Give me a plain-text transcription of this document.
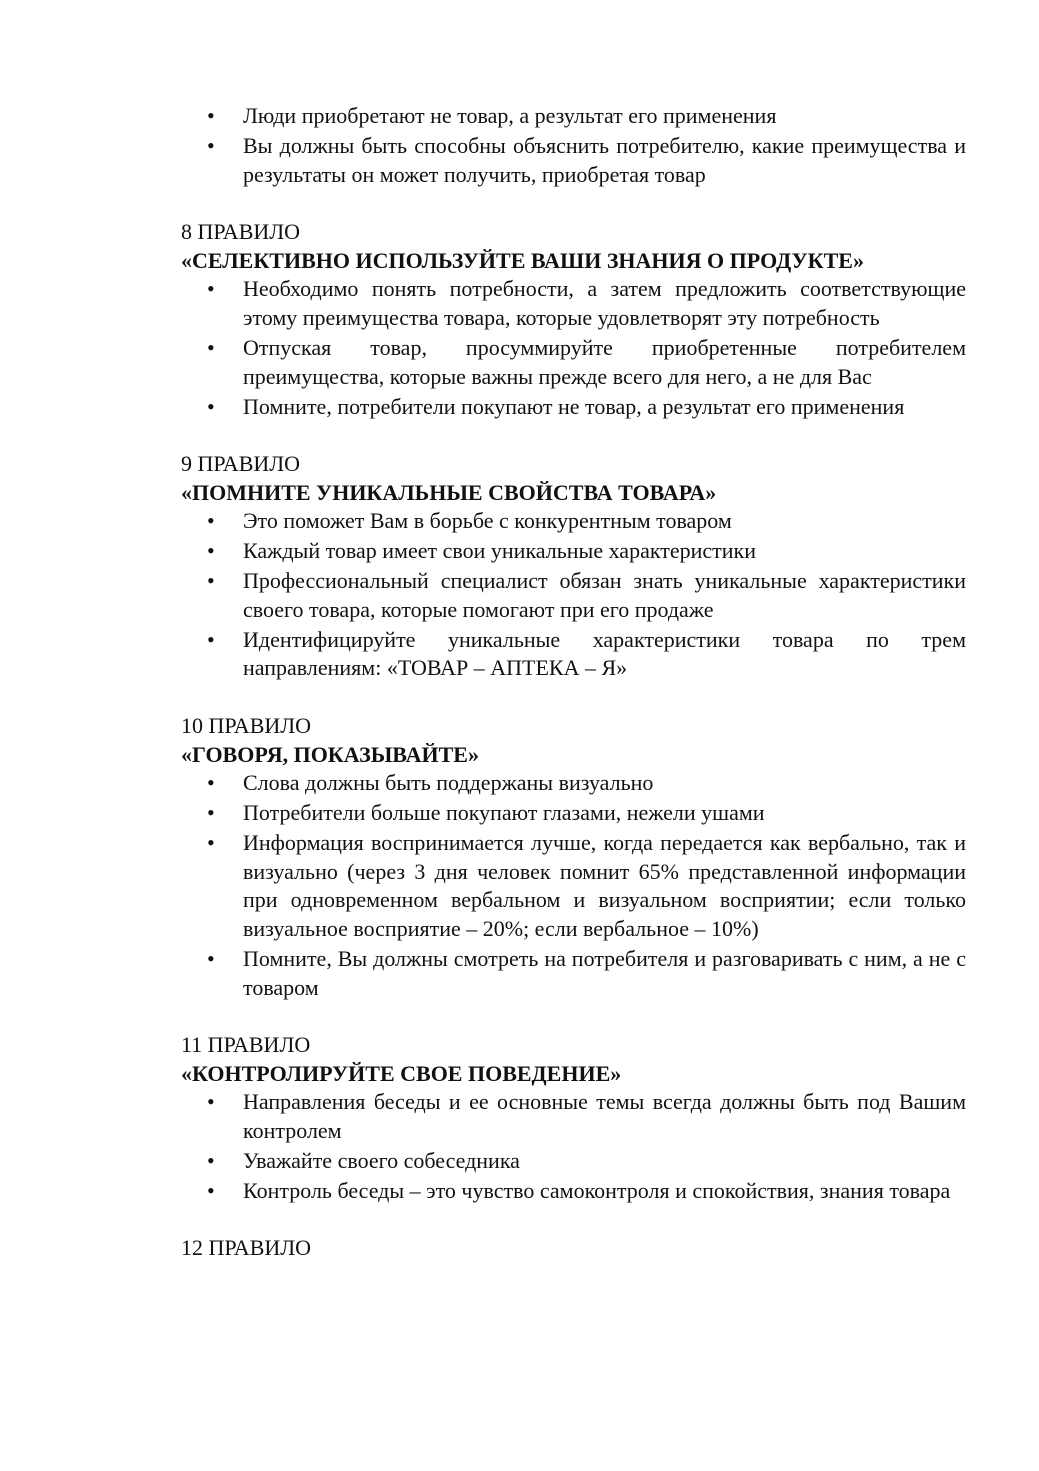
• Люди приобретают не товар, а результат его применения
• Вы должны быть способны объяснить потребителю, какие преимущества и результаты он может получить, приобретая товар

8 ПРАВИЛО

«СЕЛЕКТИВНО ИСПОЛЬЗУЙТЕ ВАШИ ЗНАНИЯ О ПРОДУКТЕ»

• Необходимо понять потребности, а затем предложить соответствующие этому преимущества товара, которые удовлетворят эту потребность
• Отпуская товар, просуммируйте приобретенные потребителем преимущества, которые важны прежде всего для него, а не для Вас
• Помните, потребители покупают не товар, а результат его применения

9 ПРАВИЛО

«ПОМНИТЕ УНИКАЛЬНЫЕ СВОЙСТВА ТОВАРА»

• Это поможет Вам в борьбе с конкурентным товаром
• Каждый товар имеет свои уникальные характеристики
• Профессиональный специалист обязан знать уникальные характеристики своего товара, которые помогают при его продаже
• Идентифицируйте уникальные характеристики товара по трем направлениям: «ТОВАР – АПТЕКА – Я»

10 ПРАВИЛО

«ГОВОРЯ, ПОКАЗЫВАЙТЕ»

• Слова должны быть поддержаны визуально
• Потребители больше покупают глазами, нежели ушами
• Информация воспринимается лучше, когда передается как вербально, так и визуально (через 3 дня человек помнит 65% представленной информации при одновременном вербальном и визуальном восприятии; если только визуальное восприятие – 20%; если вербальное – 10%)
• Помните, Вы должны смотреть на потребителя и разговаривать с ним, а не с товаром

11 ПРАВИЛО

«КОНТРОЛИРУЙТЕ СВОЕ ПОВЕДЕНИЕ»

• Направления беседы и ее основные темы всегда должны быть под Вашим контролем
• Уважайте своего собеседника
• Контроль беседы – это чувство самоконтроля и спокойствия, знания товара

12 ПРАВИЛО
